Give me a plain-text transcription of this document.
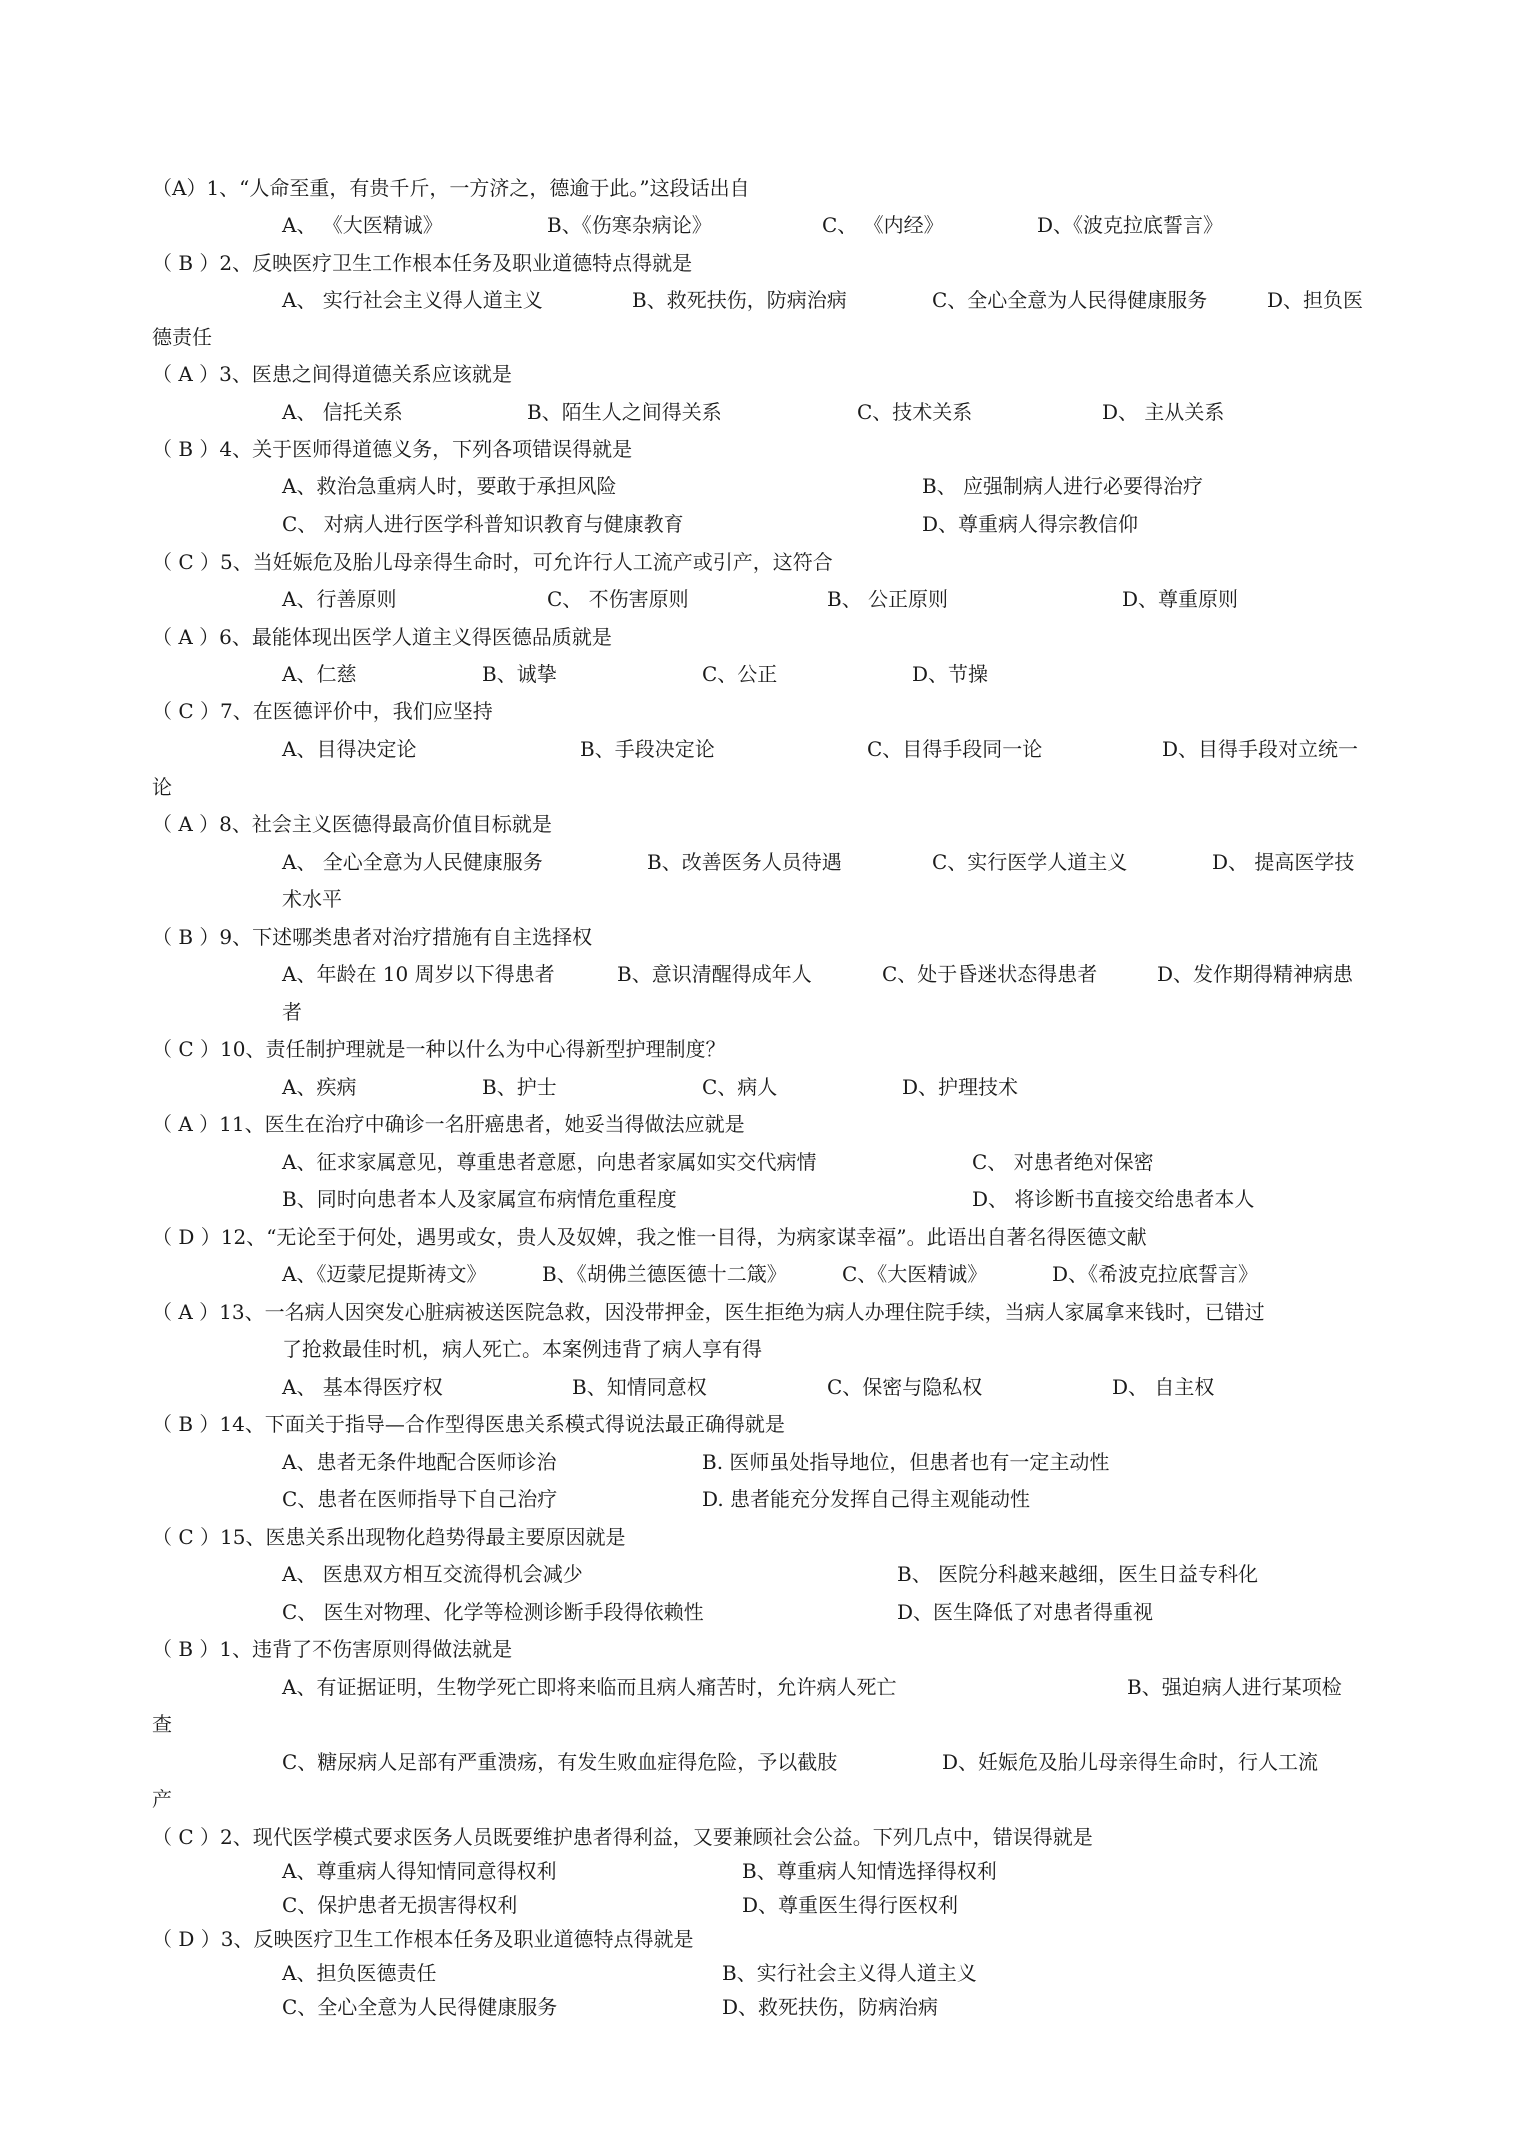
（A）1、“人命至重，有贵千斤，一方济之，德逾于此。”这段话出自
A、 《大医精诚》	B、《伤寒杂病论》	C、 《内经》	D、《波克拉底誓言》
（ B ）2、反映医疗卫生工作根本任务及职业道德特点得就是
A、 实行社会主义得人道主义	B、救死扶伤，防病治病	C、全心全意为人民得健康服务	D、担负医
德责任
（ A ）3、医患之间得道德关系应该就是
A、 信托关系	B、陌生人之间得关系	C、技术关系	D、 主从关系
（ B ）4、关于医师得道德义务，下列各项错误得就是
A、救治急重病人时，要敢于承担风险	B、 应强制病人进行必要得治疗
C、 对病人进行医学科普知识教育与健康教育	D、尊重病人得宗教信仰
（ C ）5、当妊娠危及胎儿母亲得生命时，可允许行人工流产或引产，这符合
A、行善原则	C、 不伤害原则	B、 公正原则	D、尊重原则
（ A ）6、最能体现出医学人道主义得医德品质就是
A、仁慈	B、诚挚	C、公正	D、节操
（ C ）7、在医德评价中，我们应坚持
A、目得决定论	B、手段决定论	C、目得手段同一论	D、目得手段对立统一
论
（ A ）8、社会主义医德得最高价值目标就是
A、 全心全意为人民健康服务	B、改善医务人员待遇	C、实行医学人道主义	D、 提高医学技
术水平
（ B ）9、下述哪类患者对治疗措施有自主选择权
A、年龄在 10 周岁以下得患者	B、意识清醒得成年人	C、处于昏迷状态得患者	D、发作期得精神病患
者
（ C ）10、责任制护理就是一种以什么为中心得新型护理制度？
A、疾病	B、护士	C、病人	D、护理技术
（ A ）11、医生在治疗中确诊一名肝癌患者，她妥当得做法应就是
A、征求家属意见，尊重患者意愿，向患者家属如实交代病情	C、 对患者绝对保密
B、同时向患者本人及家属宣布病情危重程度	D、 将诊断书直接交给患者本人
（ D ）12、“无论至于何处，遇男或女，贵人及奴婢，我之惟一目得，为病家谋幸福”。此语出自著名得医德文献
A、《迈蒙尼提斯祷文》	B、《胡佛兰德医德十二箴》	C、《大医精诚》	D、《希波克拉底誓言》
（ A ）13、一名病人因突发心脏病被送医院急救，因没带押金，医生拒绝为病人办理住院手续，当病人家属拿来钱时，已错过
了抢救最佳时机，病人死亡。本案例违背了病人享有得
A、 基本得医疗权	B、知情同意权	C、保密与隐私权	D、 自主权
（ B ）14、下面关于指导—合作型得医患关系模式得说法最正确得就是
A、患者无条件地配合医师诊治	B. 医师虽处指导地位，但患者也有一定主动性
C、患者在医师指导下自己治疗	D. 患者能充分发挥自己得主观能动性
（ C ）15、医患关系出现物化趋势得最主要原因就是
A、 医患双方相互交流得机会减少	B、 医院分科越来越细，医生日益专科化
C、 医生对物理、化学等检测诊断手段得依赖性	D、医生降低了对患者得重视
（ B ）1、违背了不伤害原则得做法就是
A、有证据证明，生物学死亡即将来临而且病人痛苦时，允许病人死亡	B、强迫病人进行某项检
查
C、糖尿病人足部有严重溃疡，有发生败血症得危险，予以截肢	D、妊娠危及胎儿母亲得生命时，行人工流
产
（ C ）2、现代医学模式要求医务人员既要维护患者得利益，又要兼顾社会公益。下列几点中，错误得就是
A、尊重病人得知情同意得权利	B、尊重病人知情选择得权利
C、保护患者无损害得权利	D、尊重医生得行医权利
（ D ）3、反映医疗卫生工作根本任务及职业道德特点得就是
A、担负医德责任	B、实行社会主义得人道主义
C、全心全意为人民得健康服务	D、救死扶伤，防病治病
